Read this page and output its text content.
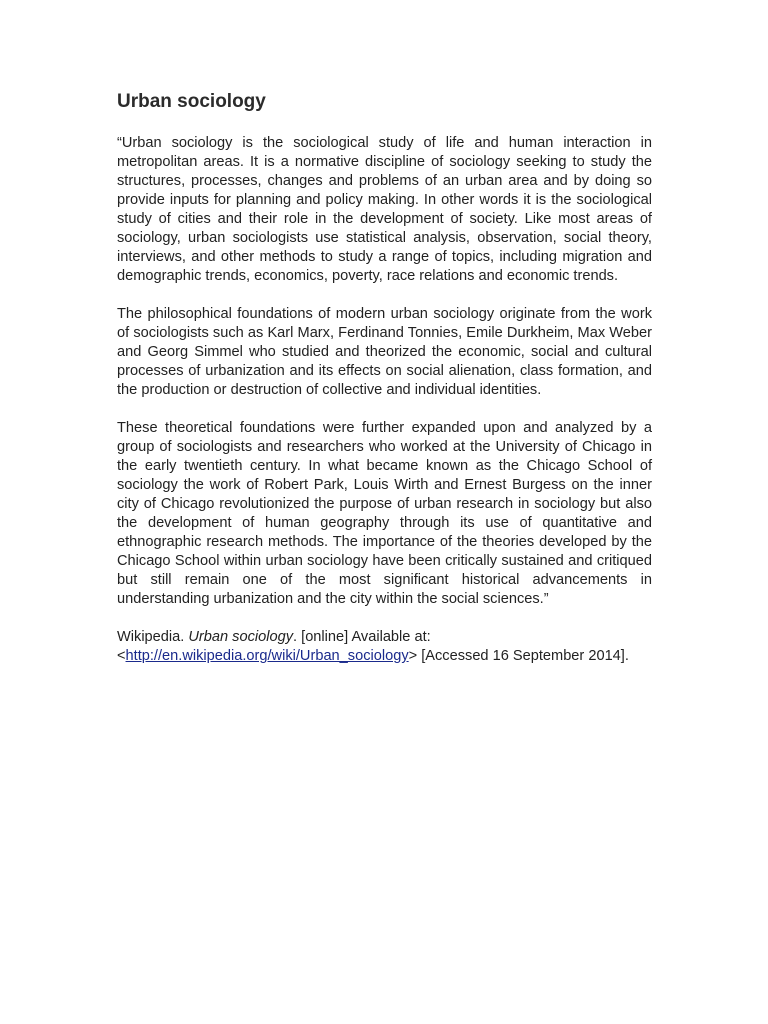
Urban sociology

“Urban sociology is the sociological study of life and human interaction in metropolitan areas. It is a normative discipline of sociology seeking to study the structures, processes, changes and problems of an urban area and by doing so provide inputs for planning and policy making. In other words it is the sociological study of cities and their role in the development of society. Like most areas of sociology, urban sociologists use statistical analysis, observation, social theory, interviews, and other methods to study a range of topics, including migration and demographic trends, economics, poverty, race relations and economic trends.

The philosophical foundations of modern urban sociology originate from the work of sociologists such as Karl Marx, Ferdinand Tonnies, Emile Durkheim, Max Weber and Georg Simmel who studied and theorized the economic, social and cultural processes of urbanization and its effects on social alienation, class formation, and the production or destruction of collective and individual identities.

These theoretical foundations were further expanded upon and analyzed by a group of sociologists and researchers who worked at the University of Chicago in the early twentieth century. In what became known as the Chicago School of sociology the work of Robert Park, Louis Wirth and Ernest Burgess on the inner city of Chicago revolutionized the purpose of urban research in sociology but also the development of human geography through its use of quantitative and ethnographic research methods. The importance of the theories developed by the Chicago School within urban sociology have been critically sustained and critiqued but still remain one of the most significant historical advancements in understanding urbanization and the city within the social sciences.”

Wikipedia. Urban sociology. [online] Available at:
<http://en.wikipedia.org/wiki/Urban_sociology> [Accessed 16 September 2014].
